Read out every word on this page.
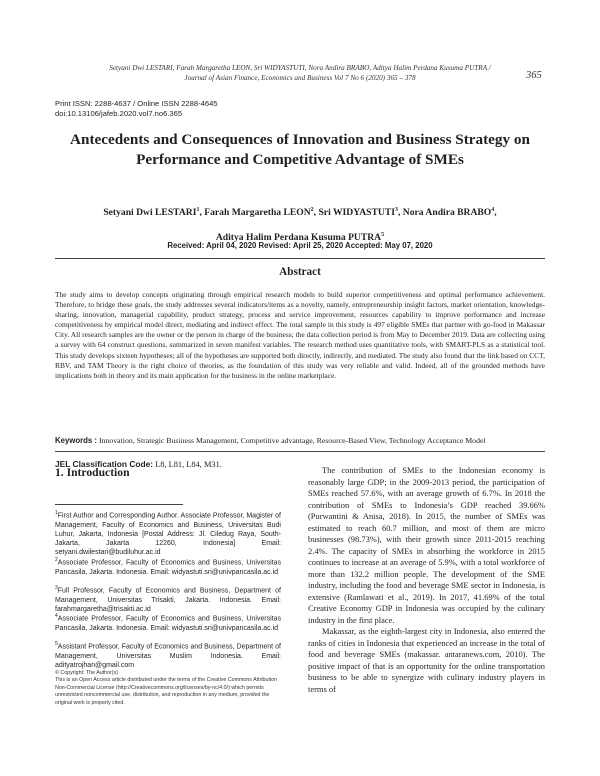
Setyani Dwi LESTARI, Farah Margaretha LEON, Sri WIDYASTUTI, Nora Andira BRABO, Aditya Halim Perdana Kusuma PUTRA /
Journal of Asian Finance, Economics and Business Vol 7 No 6 (2020) 365 – 378	365
Print ISSN: 2288-4637 / Online ISSN 2288-4645
doi:10.13106/jafeb.2020.vol7.no6.365
Antecedents and Consequences of Innovation and Business Strategy on
Performance and Competitive Advantage of SMEs
Setyani Dwi LESTARI$^1$, Farah Margaretha LEON$^2$, Sri WIDYASTUTI$^3$, Nora Andira BRABO$^4$,
Aditya Halim Perdana Kusuma PUTRA$^5$
Received: April 04, 2020 Revised: April 25, 2020 Accepted: May 07, 2020
Abstract
The study aims to develop concepts originating through empirical research models to build superior competitiveness and optimal performance achievement. Therefore, to bridge these goals, the study addresses several indicators/items as a novelty, namely, entrepreneurship insight factors, market orientation, knowledge-sharing, innovation, managerial capability, product strategy, process and service improvement, resources capability to improve performance and increase competitiveness by empirical model direct, mediating and indirect effect. The total sample in this study is 497 eligible SMEs that partner with go-food in Makassar City. All research samples are the owner or the person in charge of the business; the data collection period is from May to December 2019. Data are collecting using a survey with 64 construct questions, summarized in seven manifest variables. The research method uses quantitative tools, with SMART-PLS as a statistical tool. This study develops sixteen hypotheses; all of the hypotheses are supported both directly, indirectly, and mediated. The study also found that the link based on CCT, RBV, and TAM Theory is the right choice of theories, as the foundation of this study was very reliable and valid. Indeed, all of the grounded methods have implications both in theory and its main application for the business in the online marketplace.
Keywords : Innovation, Strategic Business Management, Competitive advantage, Resource-Based View, Technology Acceptance Model
JEL Classification Code: L8, L81, L84, M31.
1. Introduction
$^1$First Author and Corresponding Author. Associate Professor, Magister of Management, Faculty of Economics and Business, Universitas Budi Luhur, Jakarta, Indonesia [Postal Address: Jl. Ciledug Raya, South-Jakarta, Jakarta 12260, Indonesia] Email: setyani.dwilestari@budiluhur.ac.id
$^2$Associate Professor, Faculty of Economics and Business, Universitas Pancasila, Jakarta. Indonesia. Email: widyastuti.sri@univpancasila.ac.id
$^3$Full Professor, Faculty of Economics and Business, Department of Management, Universitas Trisakti, Jakarta. Indonesia. Email: farahmargaretha@trisakti.ac.id
$^4$Associate Professor, Faculty of Economics and Business, Universitas Pancasila, Jakarta. Indonesia. Email: widyastuti.sri@univpancasila.ac.id
$^5$Assistant Professor, Faculty of Economics and Business, Department of Management, Universitas Muslim Indonesia. Email: adityatrojhan@gmail.com
© Copyright: The Author(s)
This is an Open Access article distributed under the terms of the Creative Commons Attribution Non-Commercial License (http://Creativecommons.org/licenses/by-nc/4.0/) which permits unrestricted noncommercial use, distribution, and reproduction in any medium, provided the original work is properly cited.

The contribution of SMEs to the Indonesian economy is reasonably large GDP; in the 2009-2013 period, the participation of SMEs reached 57.6%, with an average growth of 6.7%. In 2018 the contribution of SMEs to Indonesia’s GDP reached 39.66% (Purwantini & Anisa, 2018). In 2015, the number of SMEs was estimated to reach 60.7 million, and most of them are micro businesses (98.73%), with their growth since 2011-2015 reaching 2.4%. The capacity of SMEs in absorbing the workforce in 2015 continues to increase at an average of 5.9%, with a total workforce of more than 132.2 million people. The development of the SME industry, including the food and beverage SME sector in Indonesia, is extensive (Ramlawati et al., 2019). In 2017, 41.69% of the total Creative Economy GDP in Indonesia was occupied by the culinary industry in the first place.

Makassar, as the eighth-largest city in Indonesia, also entered the ranks of cities in Indonesia that experienced an increase in the total of food and beverage SMEs (makassar. antaranews.com, 2010). The positive impact of that is an opportunity for the online transportation business to be able to synergize with culinary industry players in terms of
